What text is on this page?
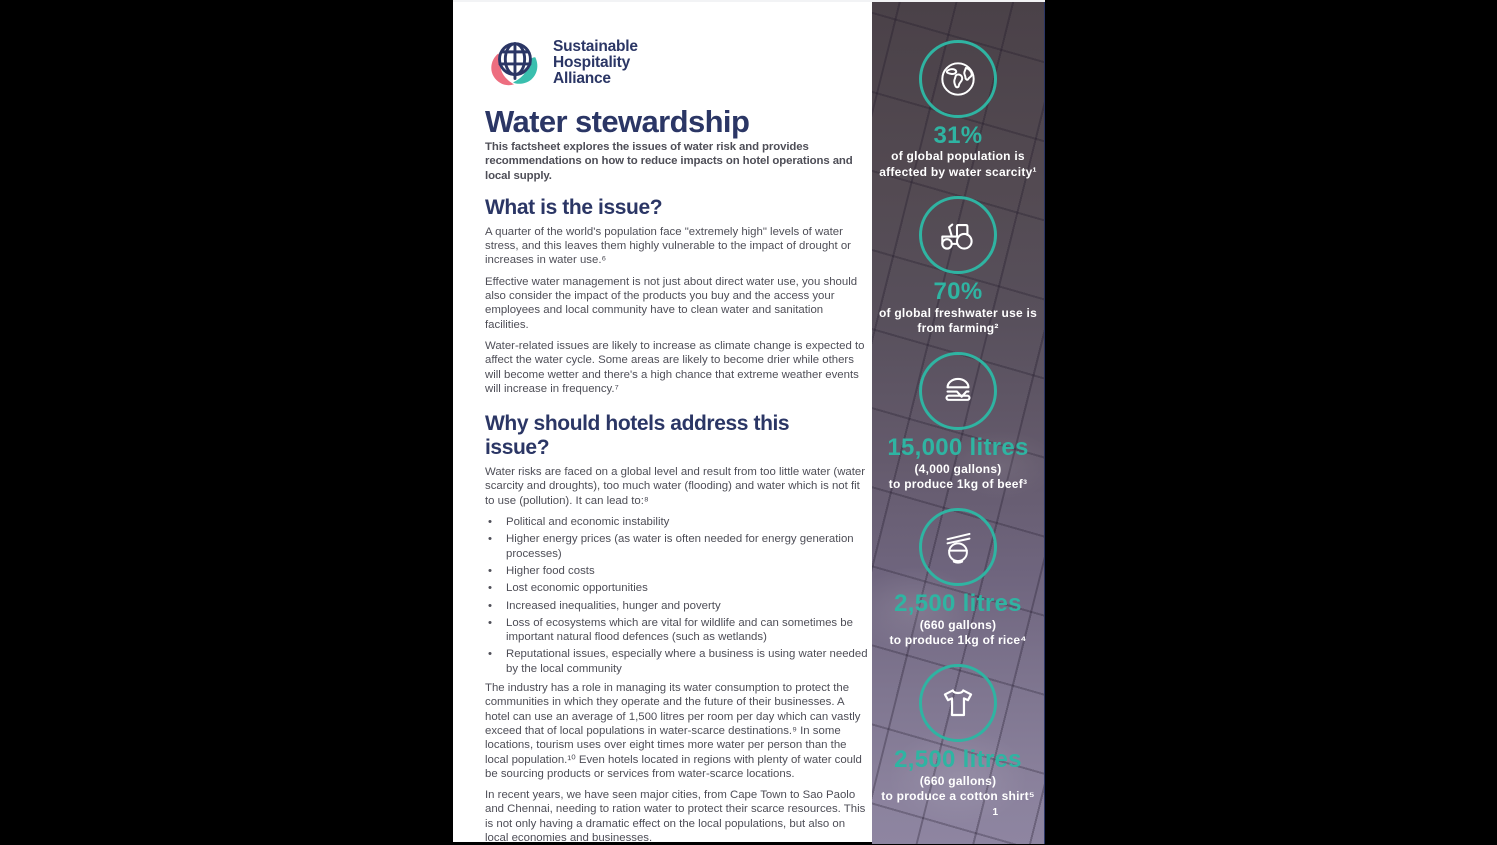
Sustainable
Hospitality
Alliance
Water stewardship

This factsheet explores the issues of water risk and provides recommendations on how to reduce impacts on hotel operations and local supply.

What is the issue?

A quarter of the world's population face "extremely high" levels of water stress, and this leaves them highly vulnerable to the impact of drought or increases in water use.⁶

Effective water management is not just about direct water use, you should also consider the impact of the products you buy and the access your employees and local community have to clean water and sanitation facilities.

Water-related issues are likely to increase as climate change is expected to affect the water cycle. Some areas are likely to become drier while others will become wetter and there's a high chance that extreme weather events will increase in frequency.⁷

Why should hotels address this issue?

Water risks are faced on a global level and result from too little water (water scarcity and droughts), too much water (flooding) and water which is not fit to use (pollution). It can lead to:⁸

• Political and economic instability
• Higher energy prices (as water is often needed for energy generation processes)
• Higher food costs
• Lost economic opportunities
• Increased inequalities, hunger and poverty
• Loss of ecosystems which are vital for wildlife and can sometimes be important natural flood defences (such as wetlands)
• Reputational issues, especially where a business is using water needed by the local community

The industry has a role in managing its water consumption to protect the communities in which they operate and the future of their businesses. A hotel can use an average of 1,500 litres per room per day which can vastly exceed that of local populations in water-scarce destinations.⁹ In some locations, tourism uses over eight times more water per person than the local population.¹⁰ Even hotels located in regions with plenty of water could be sourcing products or services from water-scarce locations.

In recent years, we have seen major cities, from Cape Town to Sao Paolo and Chennai, needing to ration water to protect their scarce resources. This is not only having a dramatic effect on the local populations, but also on local economies and businesses.

31%
of global population is
affected by water scarcity¹
70%
of global freshwater use is
from farming²
15,000 litres
(4,000 gallons)
to produce 1kg of beef³
2,500 litres
(660 gallons)
to produce 1kg of rice⁴
2,500 litres
(660 gallons)
to produce a cotton shirt⁵
1
